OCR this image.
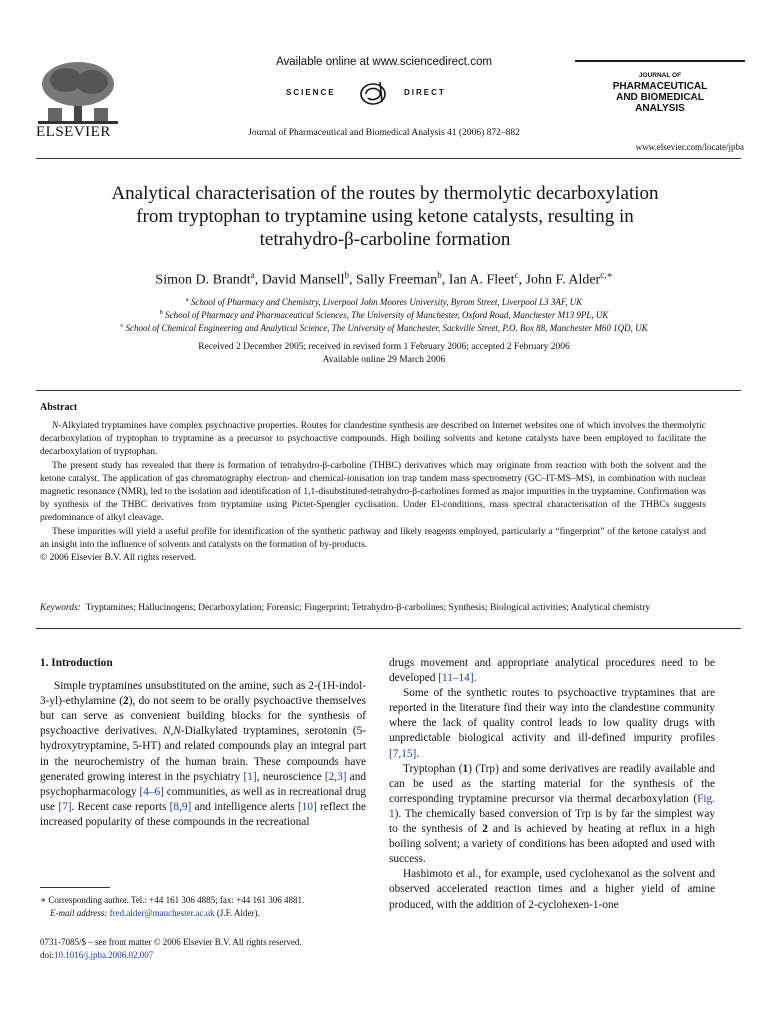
ELSEVIER
Available online at www.sciencedirect.com
SCIENCE	DIRECT
Journal of Pharmaceutical and Biomedical Analysis 41 (2006) 872–882
JOURNAL OF
PHARMACEUTICAL
AND BIOMEDICAL
ANALYSIS
www.elsevier.com/locate/jpba
Analytical characterisation of the routes by thermolytic decarboxylation
from tryptophan to tryptamine using ketone catalysts, resulting in
tetrahydro-β-carboline formation
Simon D. Brandt$^a$, David Mansell$^b$, Sally Freeman$^b$, Ian A. Fleet$^c$, John F. Alder$^{c,∗}$
$^a$ School of Pharmacy and Chemistry, Liverpool John Moores University, Byrom Street, Liverpool L3 3AF, UK
$^b$ School of Pharmacy and Pharmaceutical Sciences, The University of Manchester, Oxford Road, Manchester M13 9PL, UK
$^c$ School of Chemical Engineering and Analytical Science, The University of Manchester, Sackville Street, P.O. Box 88, Manchester M60 1QD, UK
Received 2 December 2005; received in revised form 1 February 2006; accepted 2 February 2006
Available online 29 March 2006
Abstract

N-Alkylated tryptamines have complex psychoactive properties. Routes for clandestine synthesis are described on Internet websites one of which involves the thermolytic decarboxylation of tryptophan to tryptamine as a precursor to psychoactive compounds. High boiling solvents and ketone catalysts have been employed to facilitate the decarboxylation of tryptophan.

The present study has revealed that there is formation of tetrahydro-β-carboline (THBC) derivatives which may originate from reaction with both the solvent and the ketone catalyst. The application of gas chromatography electron- and chemical-ionisation ion trap tandem mass spectrometry (GC–IT-MS–MS), in combination with nuclear magnetic resonance (NMR), led to the isolation and identification of 1,1-disubstituted-tetrahydro-β-carbolines formed as major impurities in the tryptamine. Confirmation was by synthesis of the THBC derivatives from tryptamine using Pictet-Spengler cyclisation. Under EI-conditions, mass spectral characterisation of the THBCs suggests predominance of alkyl cleavage.

These impurities will yield a useful profile for identification of the synthetic pathway and likely reagents employed, particularly a “fingerprint” of the ketone catalyst and an insight into the influence of solvents and catalysts on the formation of by-products.

© 2006 Elsevier B.V. All rights reserved.

Keywords: Tryptamines; Hallucinogens; Decarboxylation; Forensic; Fingerprint; Tetrahydro-β-carbolines; Synthesis; Biological activities; Analytical chemistry

1. Introduction

Simple tryptamines unsubstituted on the amine, such as 2-(1H-indol-3-yl)-ethylamine (2), do not seem to be orally psychoactive themselves but can serve as convenient building blocks for the synthesis of psychoactive derivatives. N,N-Dialkylated tryptamines, serotonin (5-hydroxytryptamine, 5-HT) and related compounds play an integral part in the neurochemistry of the human brain. These compounds have generated growing interest in the psychiatry [1], neuroscience [2,3] and psychopharmacology [4–6] communities, as well as in recreational drug use [7]. Recent case reports [8,9] and intelligence alerts [10] reflect the increased popularity of these compounds in the recreational

drugs movement and appropriate analytical procedures need to be developed [11–14].

Some of the synthetic routes to psychoactive tryptamines that are reported in the literature find their way into the clandestine community where the lack of quality control leads to low quality drugs with unpredictable biological activity and ill-defined impurity profiles [7,15].

Tryptophan (1) (Trp) and some derivatives are readily available and can be used as the starting material for the synthesis of the corresponding tryptamine precursor via thermal decarboxylation (Fig. 1). The chemically based conversion of Trp is by far the simplest way to the synthesis of 2 and is achieved by heating at reflux in a high boiling solvent; a variety of conditions has been adopted and used with success.

Hashimoto et al., for example, used cyclohexanol as the solvent and observed accelerated reaction times and a higher yield of amine produced, with the addition of 2-cyclohexen-1-one

∗ Corresponding author. Tel.: +44 161 306 4885; fax: +44 161 306 4881.
E-mail address: fred.alder@manchester.ac.uk (J.F. Alder).
0731-7085/$ – see front matter © 2006 Elsevier B.V. All rights reserved.
doi:10.1016/j.jpba.2006.02.007
